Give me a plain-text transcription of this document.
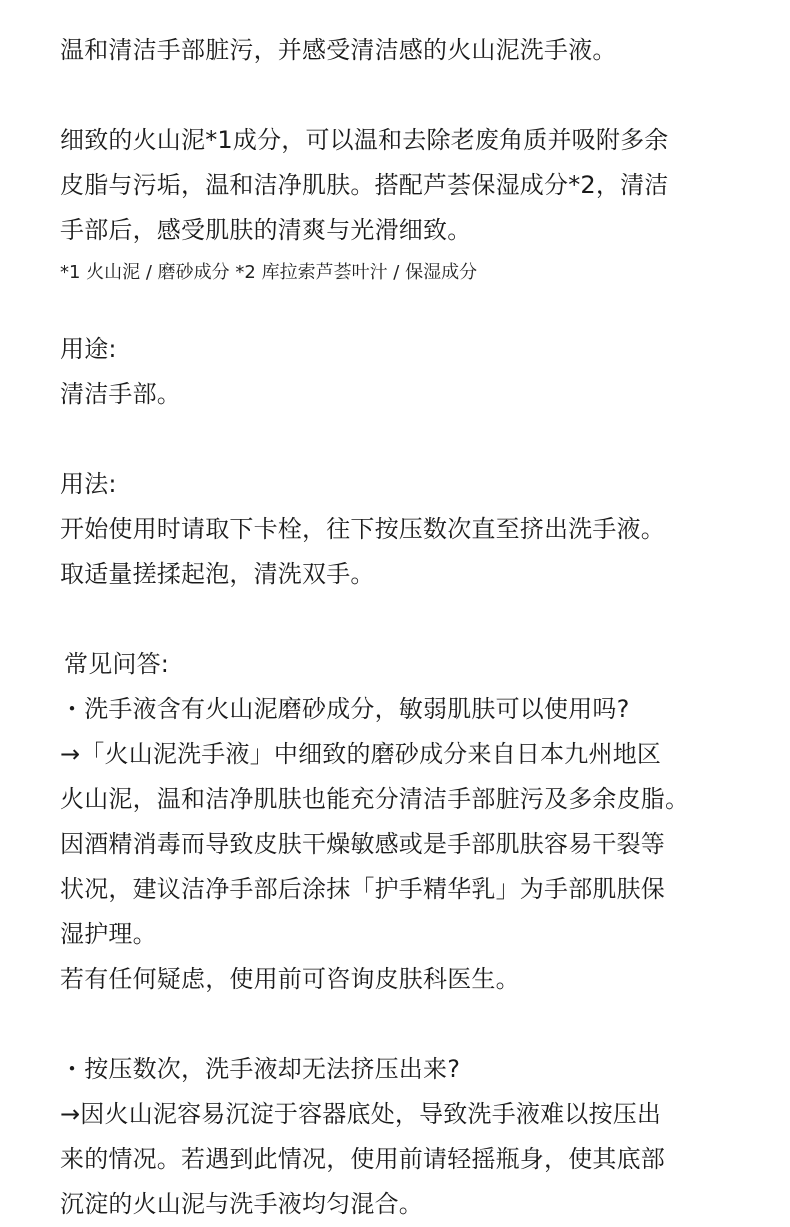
温和清洁手部脏污，并感受清洁感的火山泥洗手液。
细致的火山泥*1成分，可以温和去除老废角质并吸附多余
皮脂与污垢，温和洁净肌肤。搭配芦荟保湿成分*2，清洁
手部后，感受肌肤的清爽与光滑细致。
*1 火山泥 / 磨砂成分 *2 库拉索芦荟叶汁 / 保湿成分
用途:
清洁手部。
用法:
开始使用时请取下卡栓，往下按压数次直至挤出洗手液。
取适量搓揉起泡，清洗双手。
常见问答:
・洗手液含有火山泥磨砂成分，敏弱肌肤可以使用吗?
→「火山泥洗手液」中细致的磨砂成分来自日本九州地区
火山泥，温和洁净肌肤也能充分清洁手部脏污及多余皮脂。
因酒精消毒而导致皮肤干燥敏感或是手部肌肤容易干裂等
状况，建议洁净手部后涂抹「护手精华乳」为手部肌肤保
湿护理。
若有任何疑虑，使用前可咨询皮肤科医生。
・按压数次，洗手液却无法挤压出来?
→因火山泥容易沉淀于容器底处，导致洗手液难以按压出
来的情况。若遇到此情况，使用前请轻摇瓶身，使其底部
沉淀的火山泥与洗手液均匀混合。
